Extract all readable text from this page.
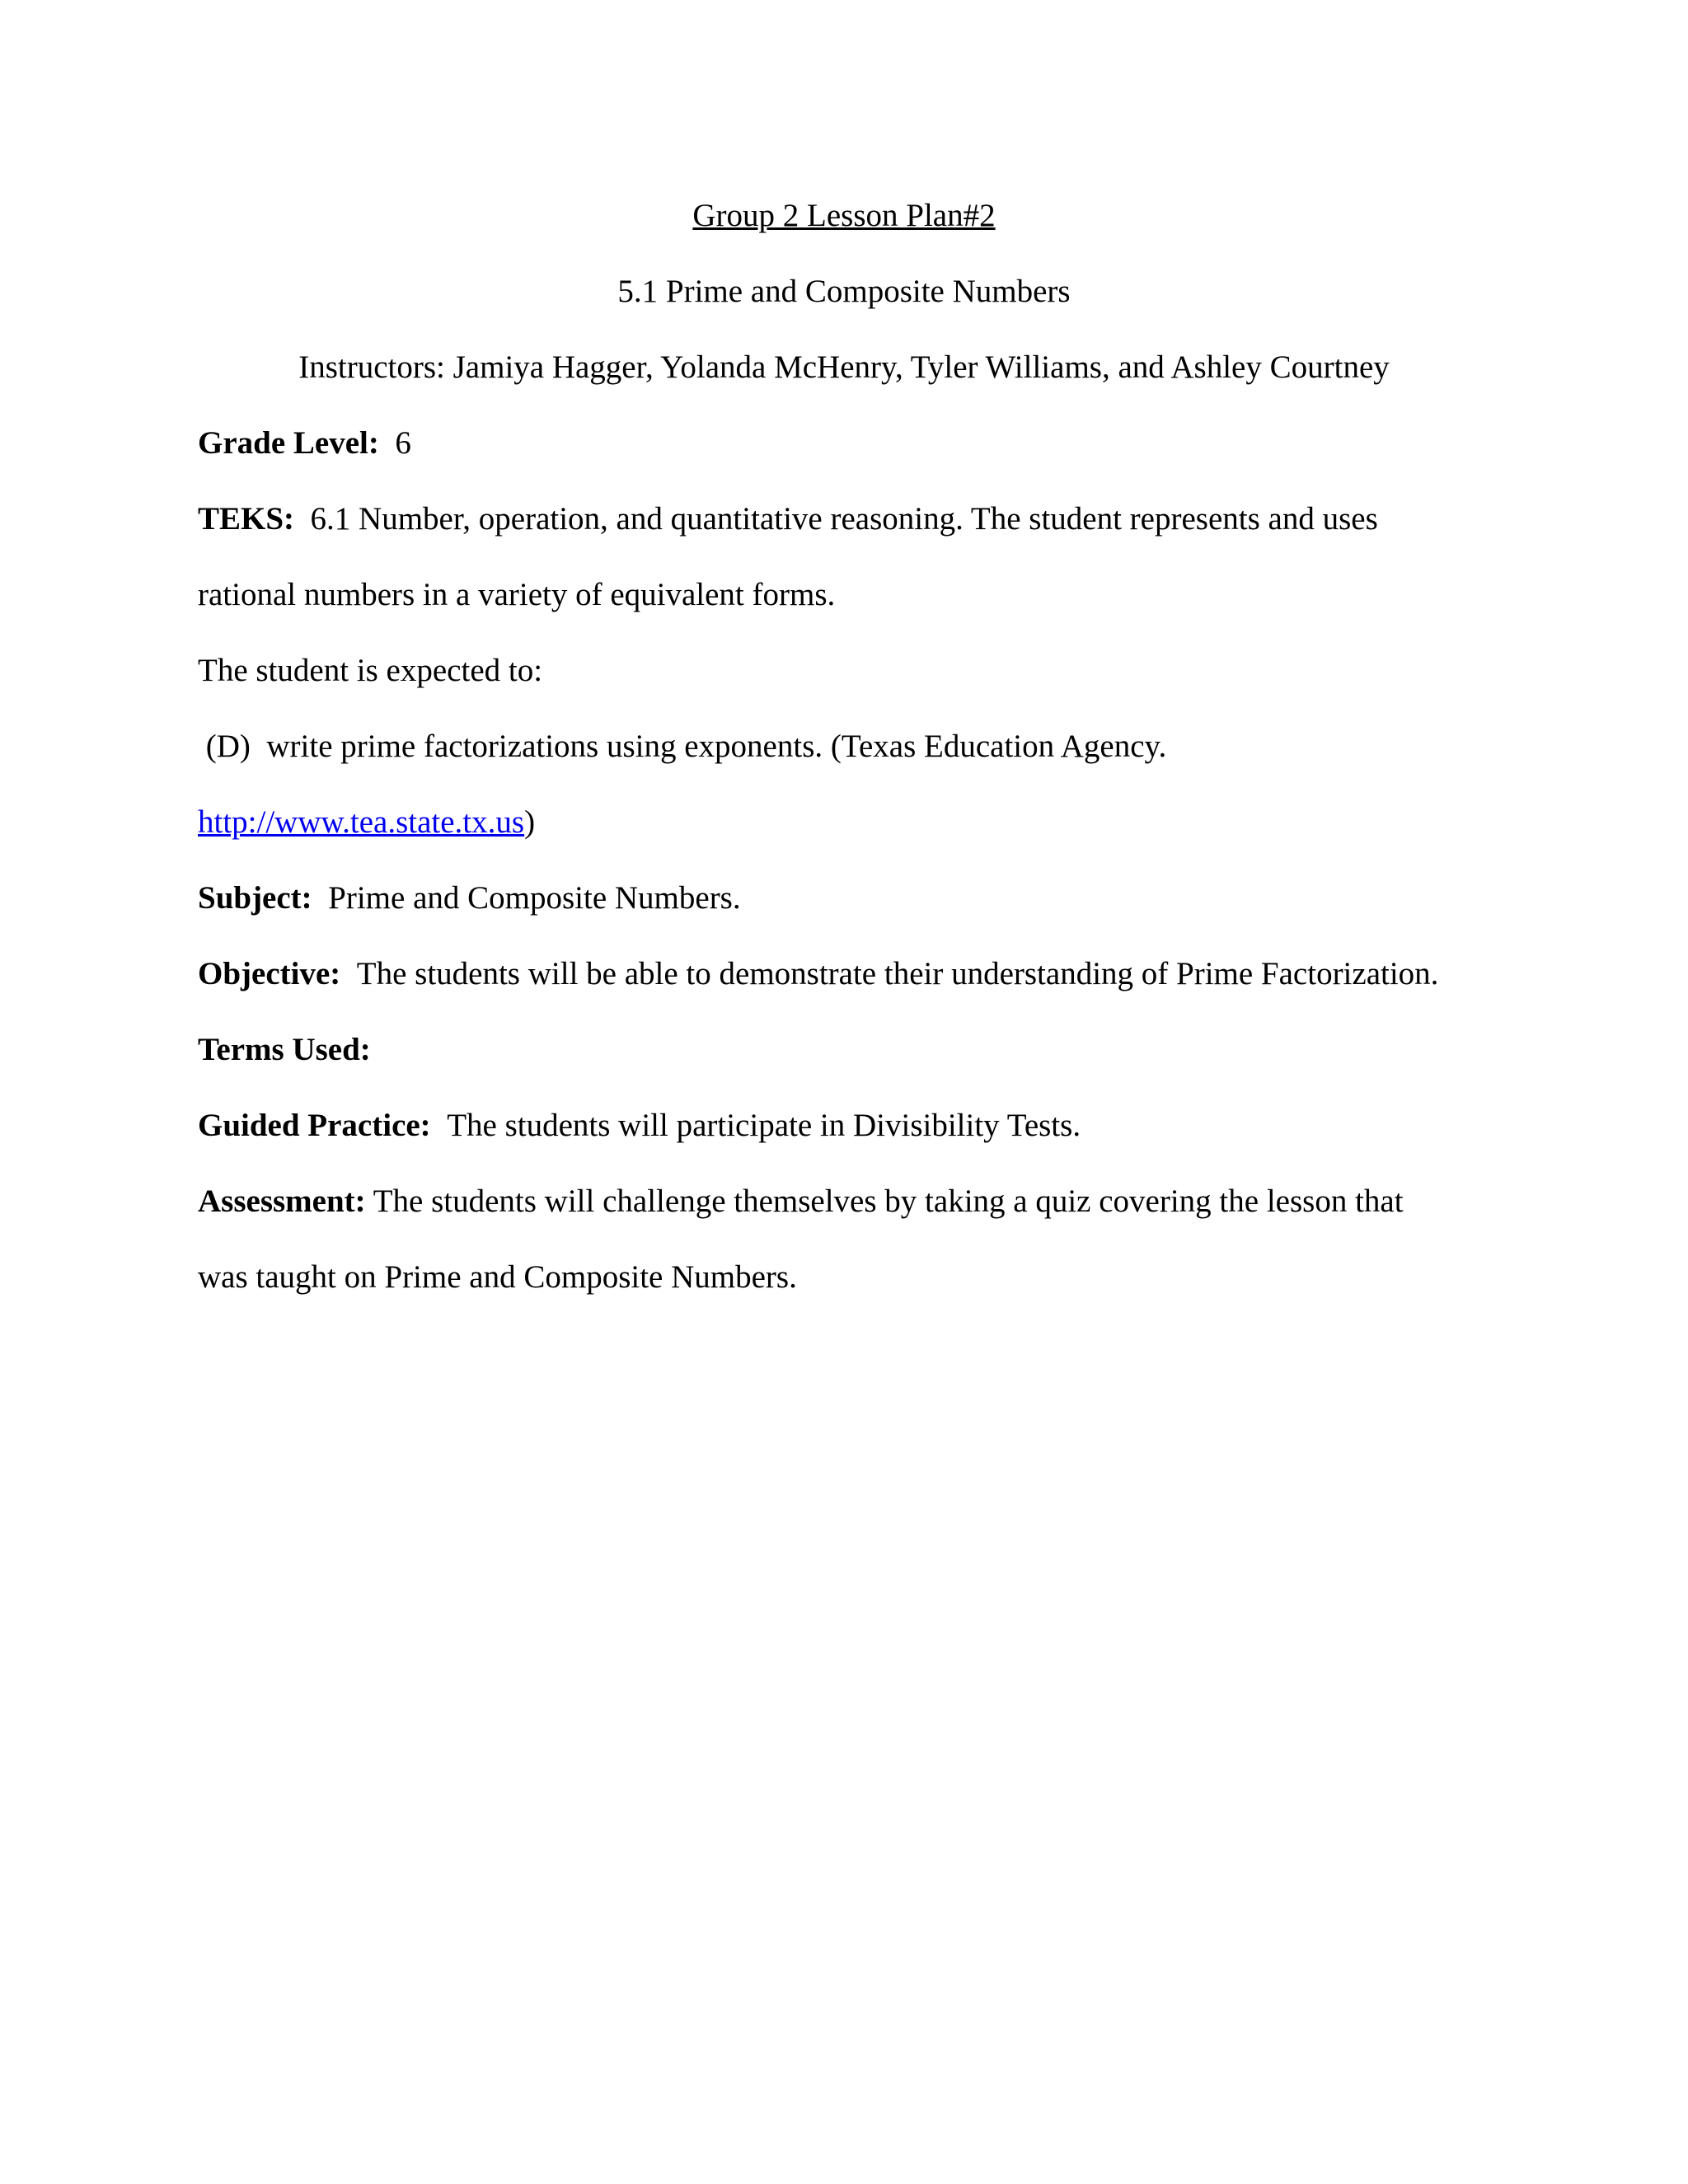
Group 2 Lesson Plan#2
5.1 Prime and Composite Numbers
Instructors: Jamiya Hagger, Yolanda McHenry, Tyler Williams, and Ashley Courtney
Grade Level: 6
TEKS: 6.1 Number, operation, and quantitative reasoning. The student represents and uses
rational numbers in a variety of equivalent forms.
The student is expected to:
(D)  write prime factorizations using exponents. (Texas Education Agency.
http://www.tea.state.tx.us)
Subject: Prime and Composite Numbers.
Objective: The students will be able to demonstrate their understanding of Prime Factorization.
Terms Used:
Guided Practice: The students will participate in Divisibility Tests.
Assessment: The students will challenge themselves by taking a quiz covering the lesson that
was taught on Prime and Composite Numbers.
